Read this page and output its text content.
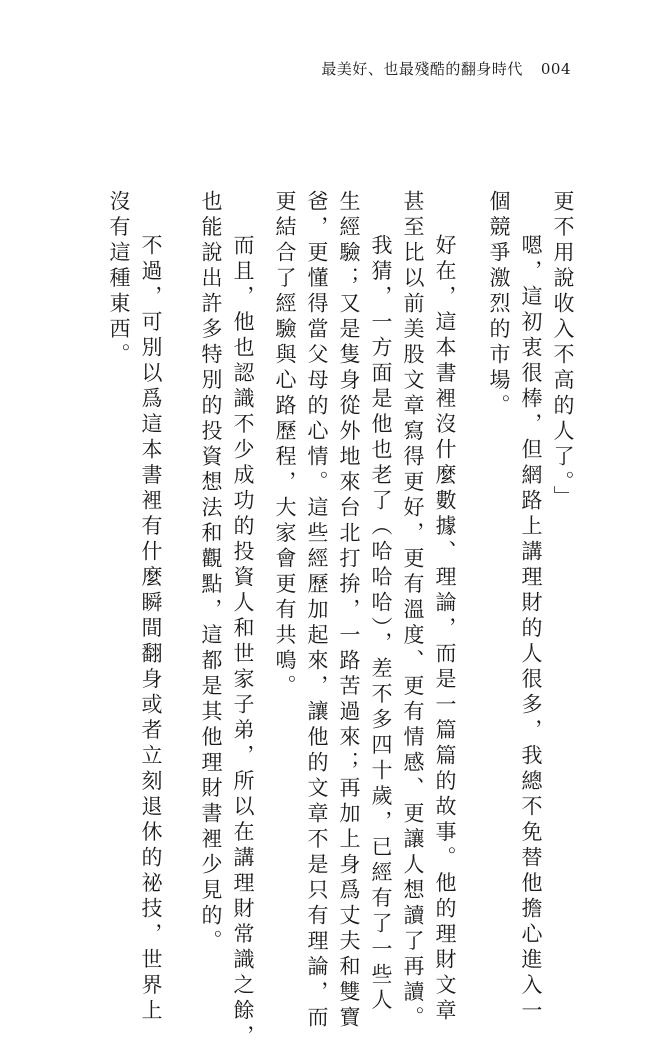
最美好、也最殘酷的翻身時代 004
更不用說收入不高的人了。」
嗯，這初衷很棒，但網路上講理財的人很多，我總不免替他擔心進入一
個競爭激烈的市場。
好在，這本書裡沒什麼數據、理論，而是一篇篇的故事。他的理財文章
甚至比以前美股文章寫得更好，更有溫度、更有情感、更讓人想讀了再讀。
我猜，一方面是他也老了（哈哈哈），差不多四十歲，已經有了一些人
生經驗；又是隻身從外地來台北打拚，一路苦過來；再加上身爲丈夫和雙寶
爸，更懂得當父母的心情。這些經歷加起來，讓他的文章不是只有理論，而
更結合了經驗與心路歷程，大家會更有共鳴。
而且，他也認識不少成功的投資人和世家子弟，所以在講理財常識之餘，
也能說出許多特別的投資想法和觀點，這都是其他理財書裡少見的。
不過，可別以爲這本書裡有什麼瞬間翻身或者立刻退休的祕技，世界上
沒有這種東西。
